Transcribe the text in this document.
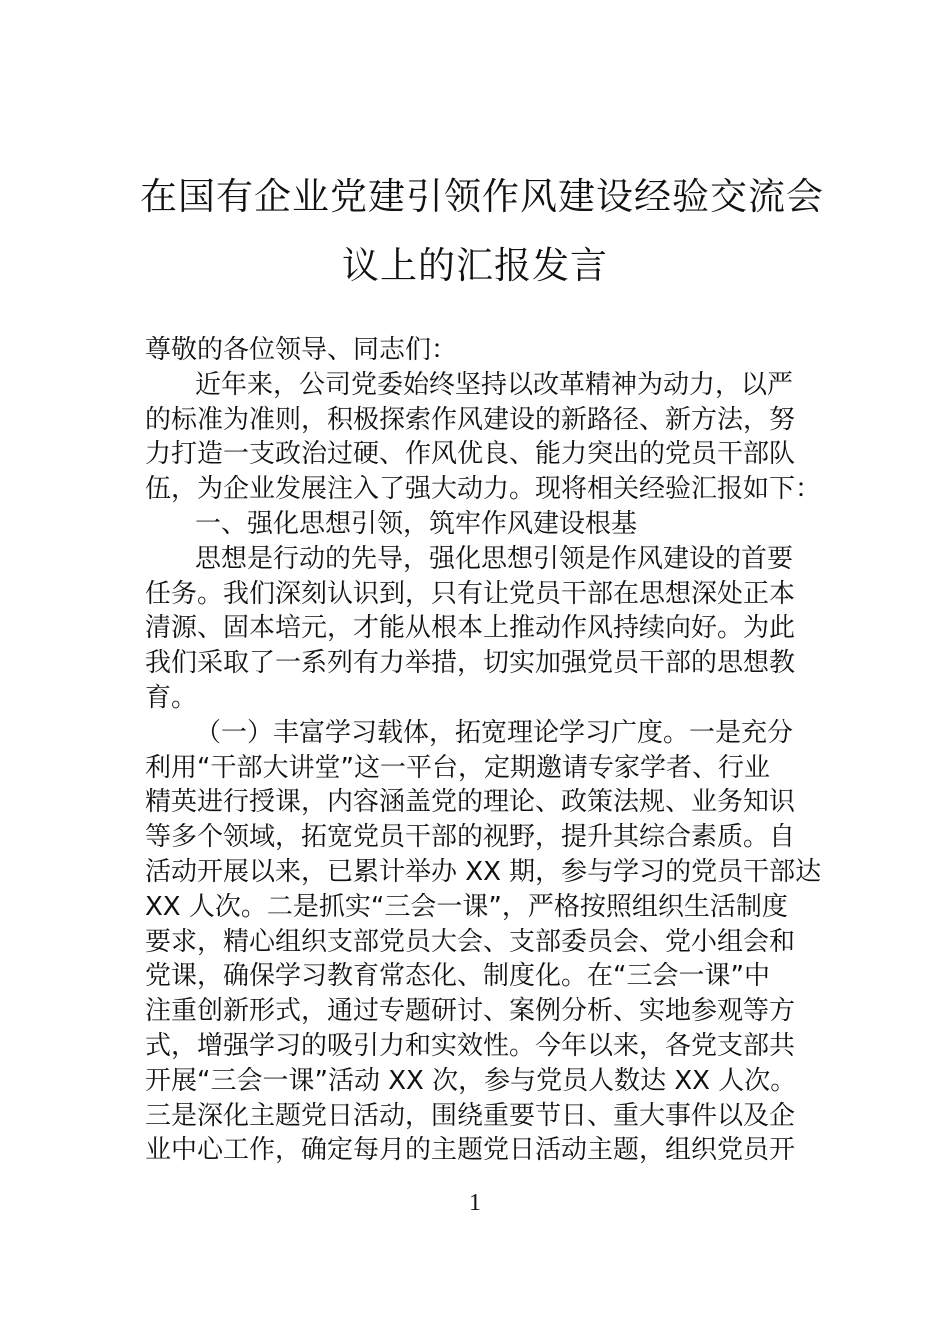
在国有企业党建引领作风建设经验交流会
议上的汇报发言
尊敬的各位领导、同志们：
近年来，公司党委始终坚持以改革精神为动力，以严
的标准为准则，积极探索作风建设的新路径、新方法，努
力打造一支政治过硬、作风优良、能力突出的党员干部队
伍，为企业发展注入了强大动力。现将相关经验汇报如下：
一、强化思想引领，筑牢作风建设根基
思想是行动的先导，强化思想引领是作风建设的首要
任务。我们深刻认识到，只有让党员干部在思想深处正本
清源、固本培元，才能从根本上推动作风持续向好。为此
我们采取了一系列有力举措，切实加强党员干部的思想教
育。
（一）丰富学习载体，拓宽理论学习广度。一是充分
利用“干部大讲堂”这一平台，定期邀请专家学者、行业
精英进行授课，内容涵盖党的理论、政策法规、业务知识
等多个领域，拓宽党员干部的视野，提升其综合素质。自
活动开展以来，已累计举办 XX 期，参与学习的党员干部达
XX 人次。二是抓实“三会一课”，严格按照组织生活制度
要求，精心组织支部党员大会、支部委员会、党小组会和
党课，确保学习教育常态化、制度化。在“三会一课”中
注重创新形式，通过专题研讨、案例分析、实地参观等方
式，增强学习的吸引力和实效性。今年以来，各党支部共
开展“三会一课”活动 XX 次，参与党员人数达 XX 人次。
三是深化主题党日活动，围绕重要节日、重大事件以及企
业中心工作，确定每月的主题党日活动主题，组织党员开
1
